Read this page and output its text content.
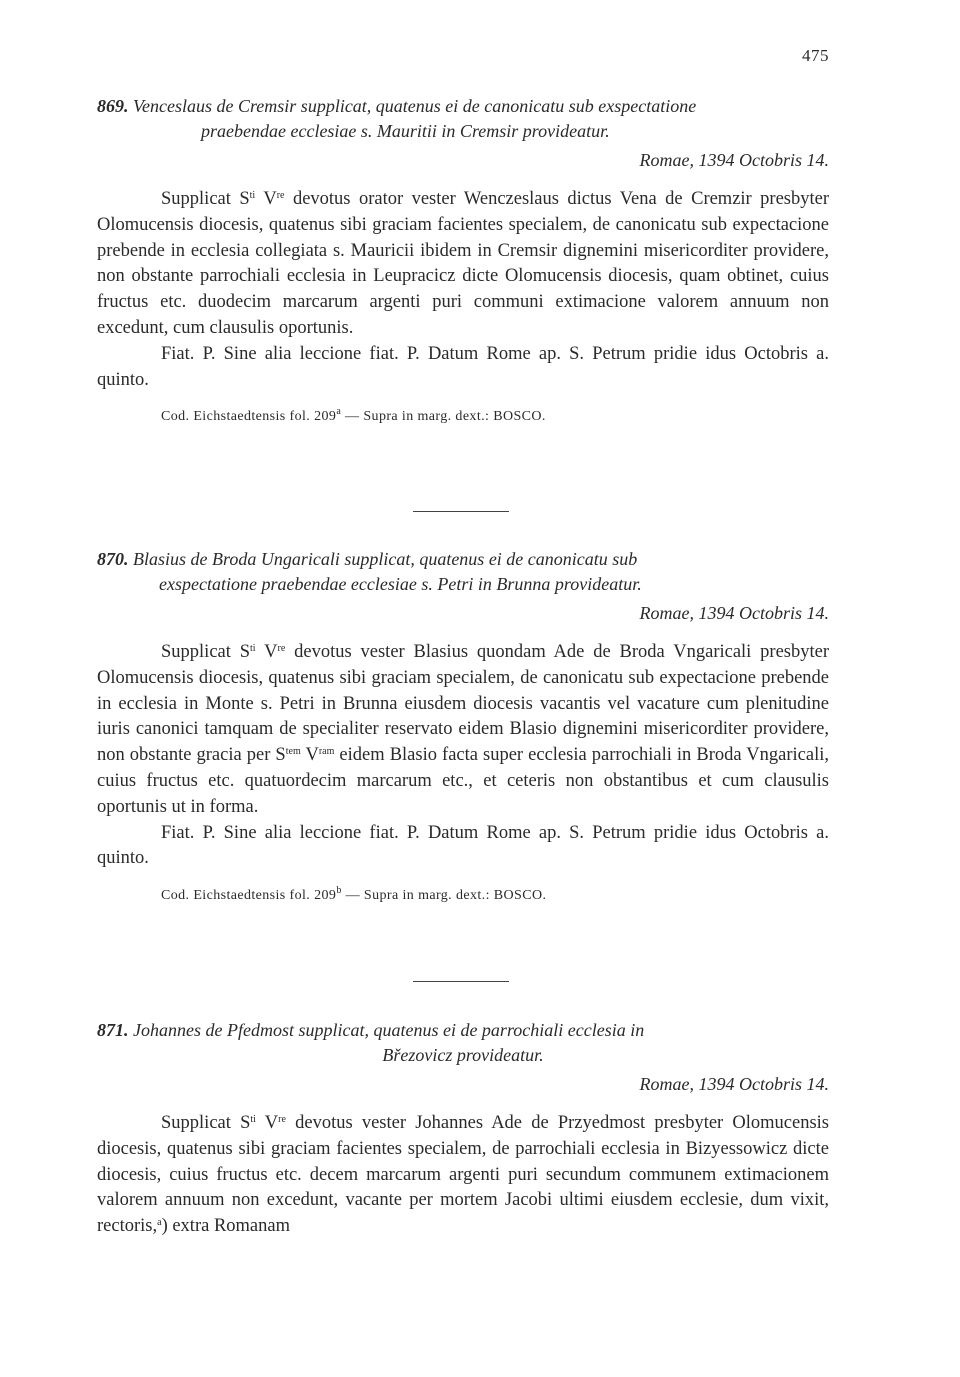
475
869. Venceslaus de Cremsir supplicat, quatenus ei de canonicatu sub exspectatione
praebendae ecclesiae s. Mauritii in Cremsir provideatur.
Romae, 1394 Octobris 14.

Supplicat $S^{ti}$ Vre devotus orator vester Wenczeslaus dictus Vena de Cremzir presbyter Olomucensis diocesis, quatenus sibi graciam facientes specialem, de canonicatu sub expectacione prebende in ecclesia collegiata s. Mauricii ibidem in Cremsir dignemini misericorditer providere, non obstante parrochiali ecclesia in Leupracicz dicte Olomucensis diocesis, quam obtinet, cuius fructus etc. duodecim marcarum argenti puri communi extimacione valorem annuum non excedunt, cum clausulis oportunis.

Fiat. P. Sine alia leccione fiat. P. Datum Rome ap. S. Petrum pridie idus Octobris a. quinto.

Cod. Eichstaedtensis fol. 209$^a$ — Supra in marg. dext.: BOSCO.
870. Blasius de Broda Ungaricali supplicat, quatenus ei de canonicatu sub
exspectatione praebendae ecclesiae s. Petri in Brunna provideatur.
Romae, 1394 Octobris 14.

Supplicat $S^{ti}$ Vre devotus vester Blasius quondam Ade de Broda Vngaricali presbyter Olomucensis diocesis, quatenus sibi graciam specialem, de canonicatu sub expectacione prebende in ecclesia in Monte s. Petri in Brunna eiusdem diocesis vacantis vel vacature cum plenitudine iuris canonici tamquam de specialiter reservato eidem Blasio dignemini misericorditer providere, non obstante gracia per $S^{tem}$ $V^{ram}$ eidem Blasio facta super ecclesia parrochiali in Broda Vngaricali, cuius fructus etc. quatuordecim marcarum etc., et ceteris non obstantibus et cum clausulis oportunis ut in forma.

Fiat. P. Sine alia leccione fiat. P. Datum Rome ap. S. Petrum pridie idus Octobris a. quinto.

Cod. Eichstaedtensis fol. 209$^b$ — Supra in marg. dext.: BOSCO.
871. Johannes de Pfedmost supplicat, quatenus ei de parrochiali ecclesia in
Březovicz provideatur.
Romae, 1394 Octobris 14.

Supplicat $S^{ti}$ Vre devotus vester Johannes Ade de Przyedmost presbyter Olomucensis diocesis, quatenus sibi graciam facientes specialem, de parrochiali ecclesia in Bizyessowicz dicte diocesis, cuius fructus etc. decem marcarum argenti puri secundum communem extimacionem valorem annuum non excedunt, vacante per mortem Jacobi ultimi eiusdem ecclesie, dum vixit, rectoris,$^a$) extra Romanam
